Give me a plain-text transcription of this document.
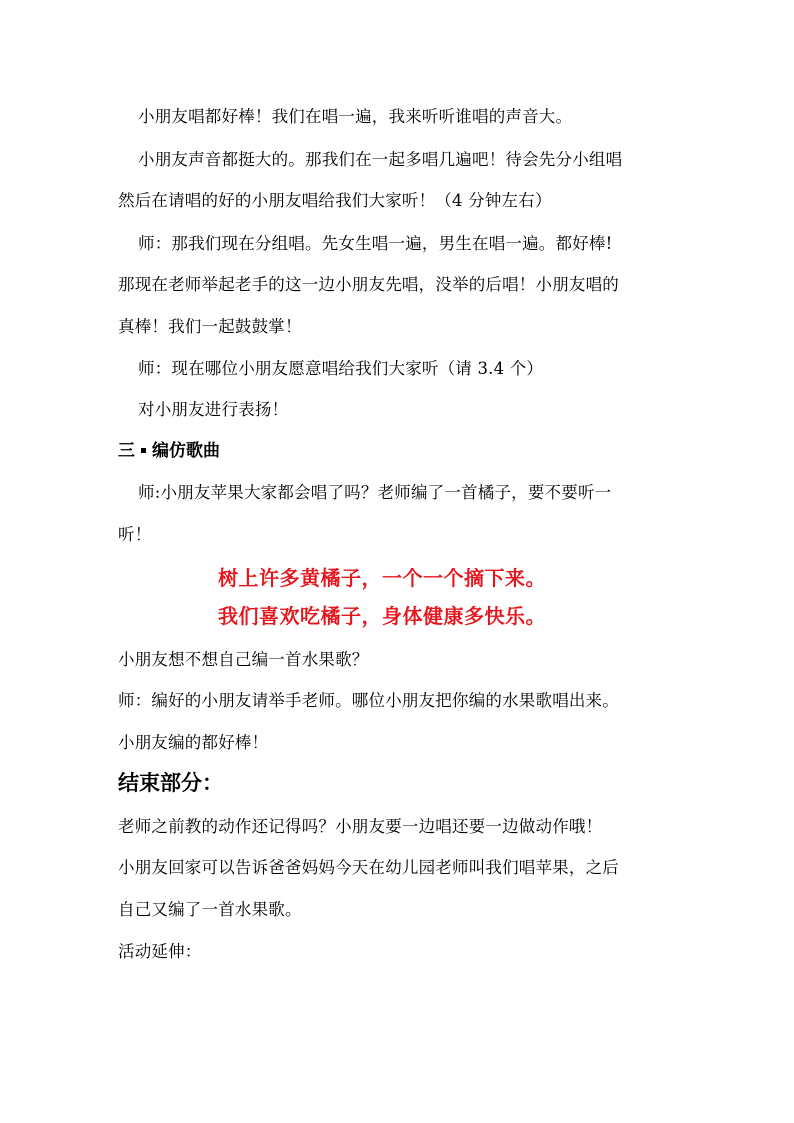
小朋友唱都好棒！我们在唱一遍，我来听听谁唱的声音大。
小朋友声音都挺大的。那我们在一起多唱几遍吧！待会先分小组唱
然后在请唱的好的小朋友唱给我们大家听！（4 分钟左右）
师：那我们现在分组唱。先女生唱一遍，男生在唱一遍。都好棒!
那现在老师举起老手的这一边小朋友先唱，没举的后唱！小朋友唱的
真棒！我们一起鼓鼓掌！
师：现在哪位小朋友愿意唱给我们大家听（请 3.4 个）
对小朋友进行表扬！
三 编仿歌曲
师:小朋友苹果大家都会唱了吗？老师编了一首橘子，要不要听一
听！
树上许多黄橘子，一个一个摘下来。
我们喜欢吃橘子，身体健康多快乐。
小朋友想不想自己编一首水果歌？
师：编好的小朋友请举手老师。哪位小朋友把你编的水果歌唱出来。
小朋友编的都好棒！
结束部分：
老师之前教的动作还记得吗？小朋友要一边唱还要一边做动作哦！
小朋友回家可以告诉爸爸妈妈今天在幼儿园老师叫我们唱苹果，之后
自己又编了一首水果歌。
活动延伸：
